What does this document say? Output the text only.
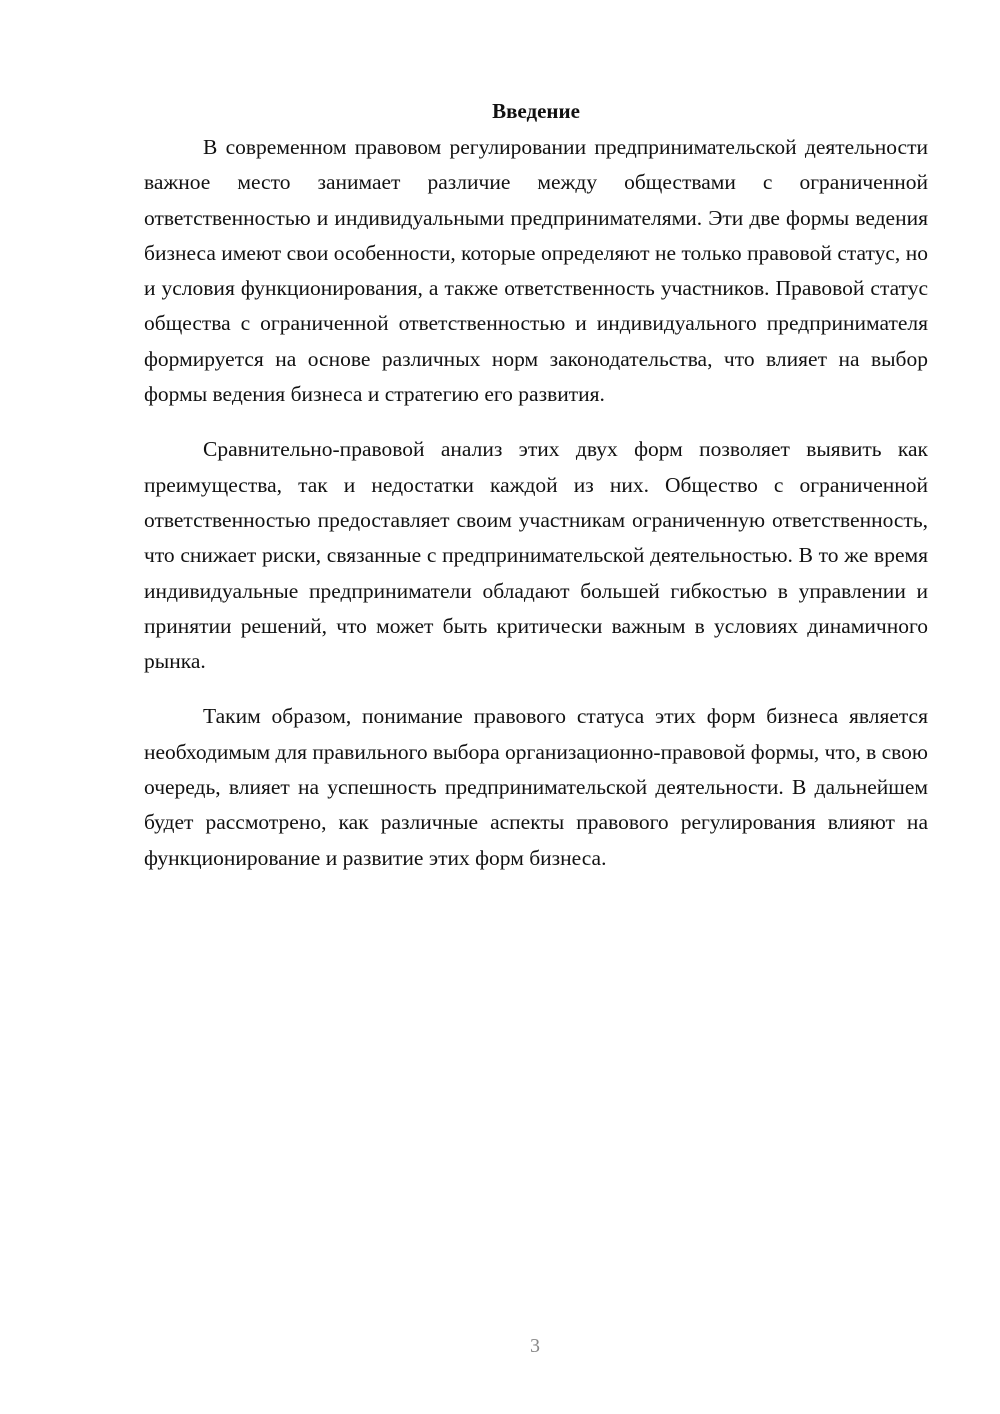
Введение

В современном правовом регулировании предпринимательской деятельности важное место занимает различие между обществами с ограниченной ответственностью и индивидуальными предпринимателями. Эти две формы ведения бизнеса имеют свои особенности, которые определяют не только правовой статус, но и условия функционирования, а также ответственность участников. Правовой статус общества с ограниченной ответственностью и индивидуального предпринимателя формируется на основе различных норм законодательства, что влияет на выбор формы ведения бизнеса и стратегию его развития.

Сравнительно-правовой анализ этих двух форм позволяет выявить как преимущества, так и недостатки каждой из них. Общество с ограниченной ответственностью предоставляет своим участникам ограниченную ответственность, что снижает риски, связанные с предпринимательской деятельностью. В то же время индивидуальные предприниматели обладают большей гибкостью в управлении и принятии решений, что может быть критически важным в условиях динамичного рынка.

Таким образом, понимание правового статуса этих форм бизнеса является необходимым для правильного выбора организационно-правовой формы, что, в свою очередь, влияет на успешность предпринимательской деятельности. В дальнейшем будет рассмотрено, как различные аспекты правового регулирования влияют на функционирование и развитие этих форм бизнеса.

3
